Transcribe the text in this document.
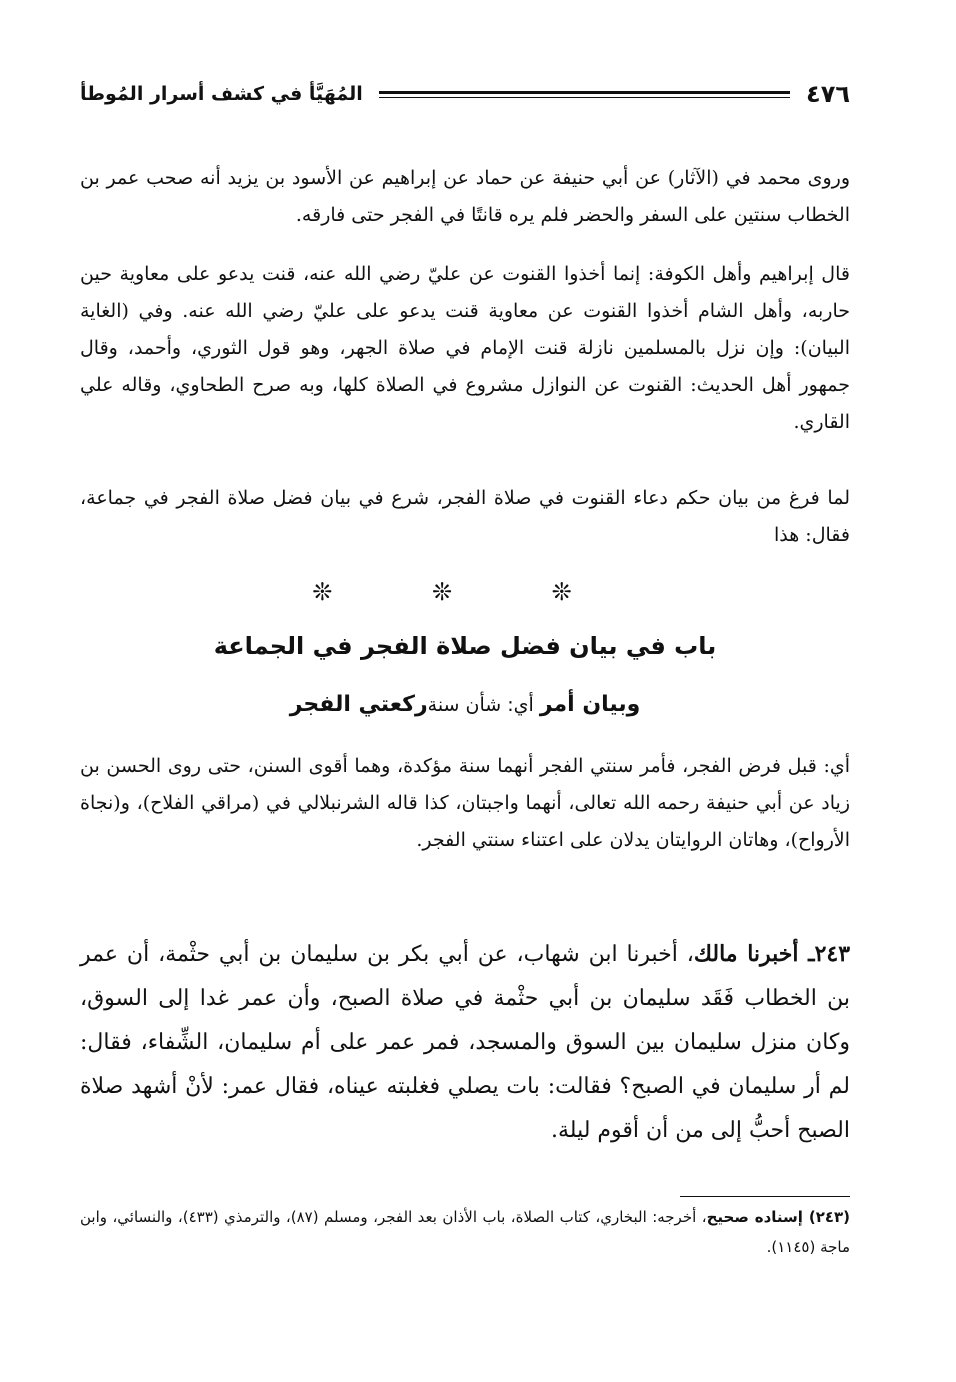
٤٧٦
المُهَيَّأ في كشف أسرار المُوطأ
وروى محمد في (الآثار) عن أبي حنيفة عن حماد عن إبراهيم عن الأسود بن يزيد أنه صحب عمر بن الخطاب سنتين على السفر والحضر فلم يره قانتًا في الفجر حتى فارقه.
قال إبراهيم وأهل الكوفة: إنما أخذوا القنوت عن عليّ رضي الله عنه، قنت يدعو على معاوية حين حاربه، وأهل الشام أخذوا القنوت عن معاوية قنت يدعو على عليّ رضي الله عنه. وفي (الغاية البيان): وإن نزل بالمسلمين نازلة قنت الإمام في صلاة الجهر، وهو قول الثوري، وأحمد، وقال جمهور أهل الحديث: القنوت عن النوازل مشروع في الصلاة كلها، وبه صرح الطحاوي، وقاله علي القاري.
لما فرغ من بيان حكم دعاء القنوت في صلاة الفجر، شرع في بيان فضل صلاة الفجر في جماعة، فقال: هذا
❊ ❊ ❊
باب في بيان فضل صلاة الفجر في الجماعة
وبيان أمر أي: شأن سنةركعتي الفجر
أي: قبل فرض الفجر، فأمر سنتي الفجر أنهما سنة مؤكدة، وهما أقوى السنن، حتى روى الحسن بن زياد عن أبي حنيفة رحمه الله تعالى، أنهما واجبتان، كذا قاله الشرنبلالي في (مراقي الفلاح)، و(نجاة الأرواح)، وهاتان الروايتان يدلان على اعتناء سنتي الفجر.
٢٤٣ـ أخبرنا مالك، أخبرنا ابن شهاب، عن أبي بكر بن سليمان بن أبي حثْمة، أن عمر بن الخطاب فَقَد سليمان بن أبي حثْمة في صلاة الصبح، وأن عمر غدا إلى السوق، وكان منزل سليمان بين السوق والمسجد، فمر عمر على أم سليمان، الشِّفاء، فقال: لم أر سليمان في الصبح؟ فقالت: بات يصلي فغلبته عيناه، فقال عمر: لأنْ أشهد صلاة الصبح أحبُّ إلى من أن أقوم ليلة.
(٢٤٣) إسناده صحيح، أخرجه: البخاري، كتاب الصلاة، باب الأذان بعد الفجر، ومسلم (٨٧)، والترمذي (٤٣٣)، والنسائي، وابن ماجة (١١٤٥).
